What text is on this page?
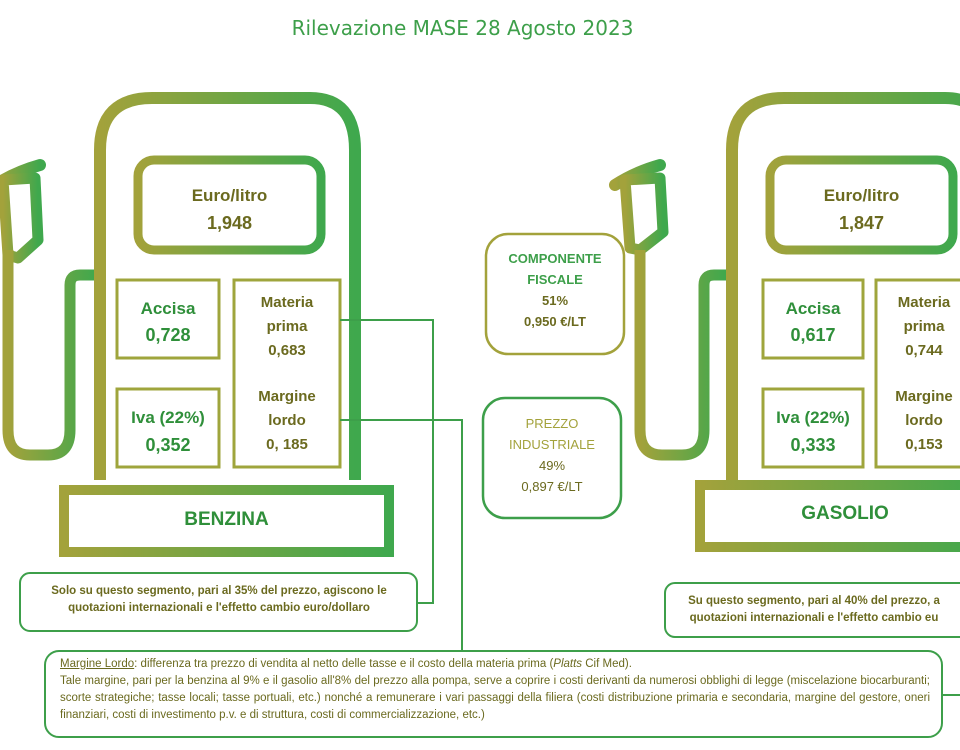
Rilevazione MASE 28 Agosto 2023
Euro/litro
1,948
Accisa
0,728
Iva (22%)
0,352
Materia
prima
0,683
Margine
lordo
0, 185
BENZINA
Euro/litro
1,847
Accisa
0,617
Iva (22%)
0,333
Materia
prima
0,744
Margine
lordo
0,153
GASOLIO
COMPONENTE
FISCALE
51%
0,950 €/LT
PREZZO
INDUSTRIALE
49%
0,897 €/LT
Solo su questo segmento, pari al 35% del prezzo, agiscono le
quotazioni internazionali e l'effetto cambio euro/dollaro
Su questo segmento, pari al 40% del prezzo, a
quotazioni internazionali e l'effetto cambio eu
Margine Lordo: differenza tra prezzo di vendita al netto delle tasse e il costo della materia prima (Platts Cif Med).
Tale margine, pari per la benzina al 9% e il gasolio all'8% del prezzo alla pompa, serve a coprire i costi derivanti da numerosi obblighi di legge (miscelazione biocarburanti; scorte strategiche; tasse locali; tasse portuali, etc.) nonché a remunerare i vari passaggi della filiera (costi distribuzione primaria e secondaria, margine del gestore, oneri finanziari, costi di investimento p.v. e di struttura, costi di commercializzazione, etc.)
